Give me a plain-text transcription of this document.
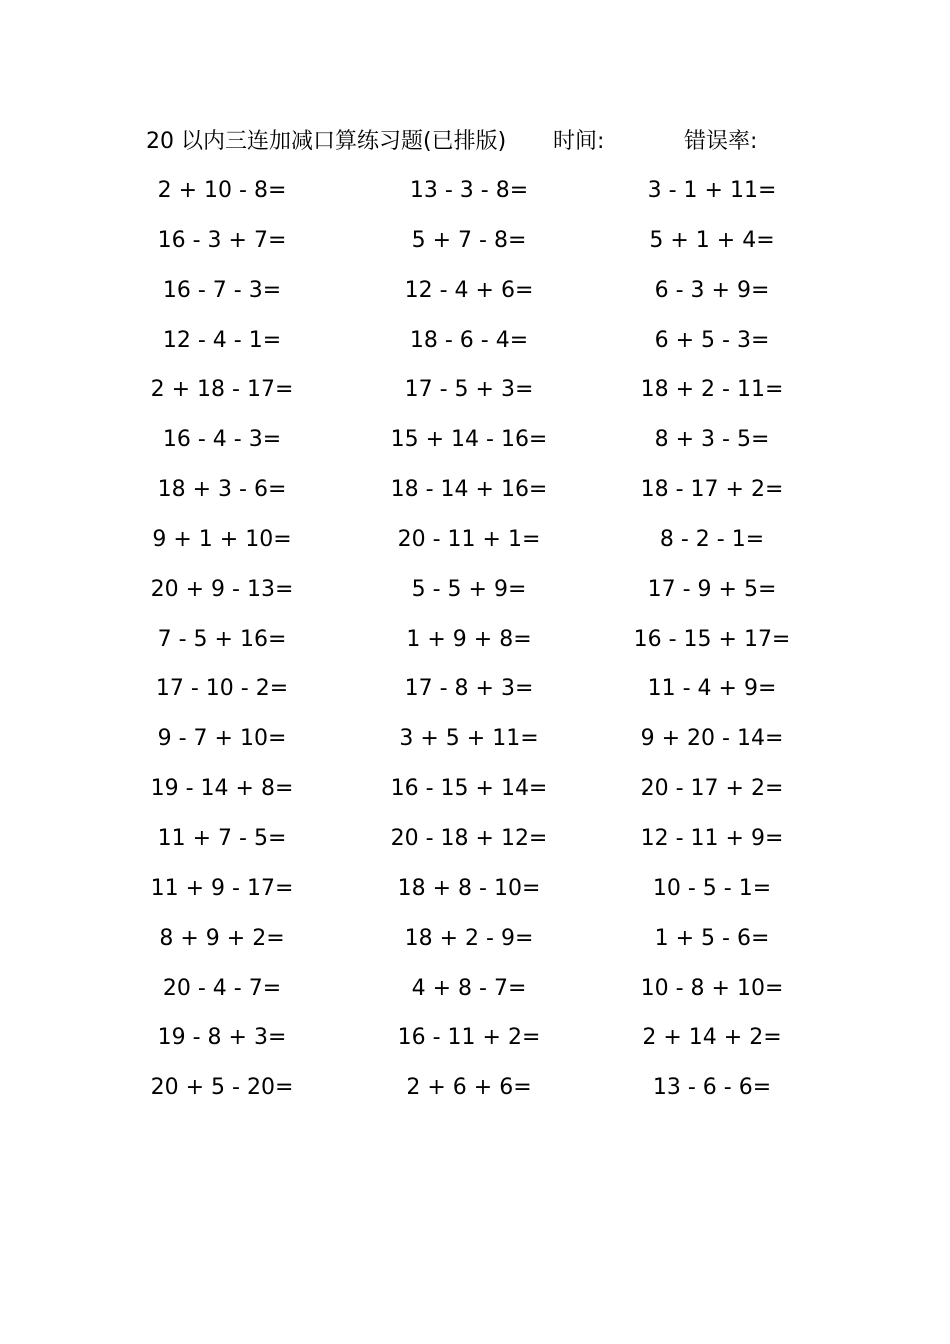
20 以内三连加减口算练习题(已排版) 时间:	错误率:
2 + 10 - 8=	13 - 3 - 8=	3 - 1 + 11=
16 - 3 + 7=	5 + 7 - 8=	5 + 1 + 4=
16 - 7 - 3=	12 - 4 + 6=	6 - 3 + 9=
12 - 4 - 1=	18 - 6 - 4=	6 + 5 - 3=
2 + 18 - 17=	17 - 5 + 3=	18 + 2 - 11=
16 - 4 - 3=	15 + 14 - 16=	8 + 3 - 5=
18 + 3 - 6=	18 - 14 + 16=	18 - 17 + 2=
9 + 1 + 10=	20 - 11 + 1=	8 - 2 - 1=
20 + 9 - 13=	5 - 5 + 9=	17 - 9 + 5=
7 - 5 + 16=	1 + 9 + 8=	16 - 15 + 17=
17 - 10 - 2=	17 - 8 + 3=	11 - 4 + 9=
9 - 7 + 10=	3 + 5 + 11=	9 + 20 - 14=
19 - 14 + 8=	16 - 15 + 14=	20 - 17 + 2=
11 + 7 - 5=	20 - 18 + 12=	12 - 11 + 9=
11 + 9 - 17=	18 + 8 - 10=	10 - 5 - 1=
8 + 9 + 2=	18 + 2 - 9=	1 + 5 - 6=
20 - 4 - 7=	4 + 8 - 7=	10 - 8 + 10=
19 - 8 + 3=	16 - 11 + 2=	2 + 14 + 2=
20 + 5 - 20=	2 + 6 + 6=	13 - 6 - 6=
